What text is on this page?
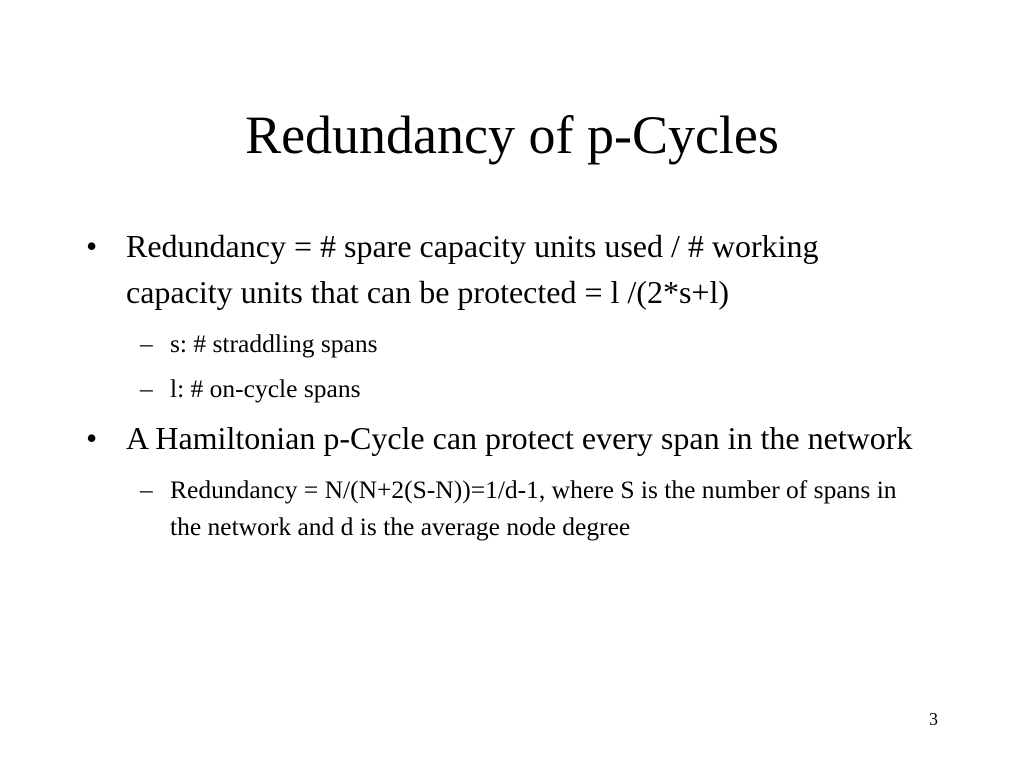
Redundancy of p-Cycles
• Redundancy = # spare capacity units used / # working capacity units that can be protected = l /(2*s+l)
– s: # straddling spans
– l: # on-cycle spans
• A Hamiltonian p-Cycle can protect every span in the network
– Redundancy = N/(N+2(S-N))=1/d-1, where S is the number of spans in the network and d is the average node degree
3
